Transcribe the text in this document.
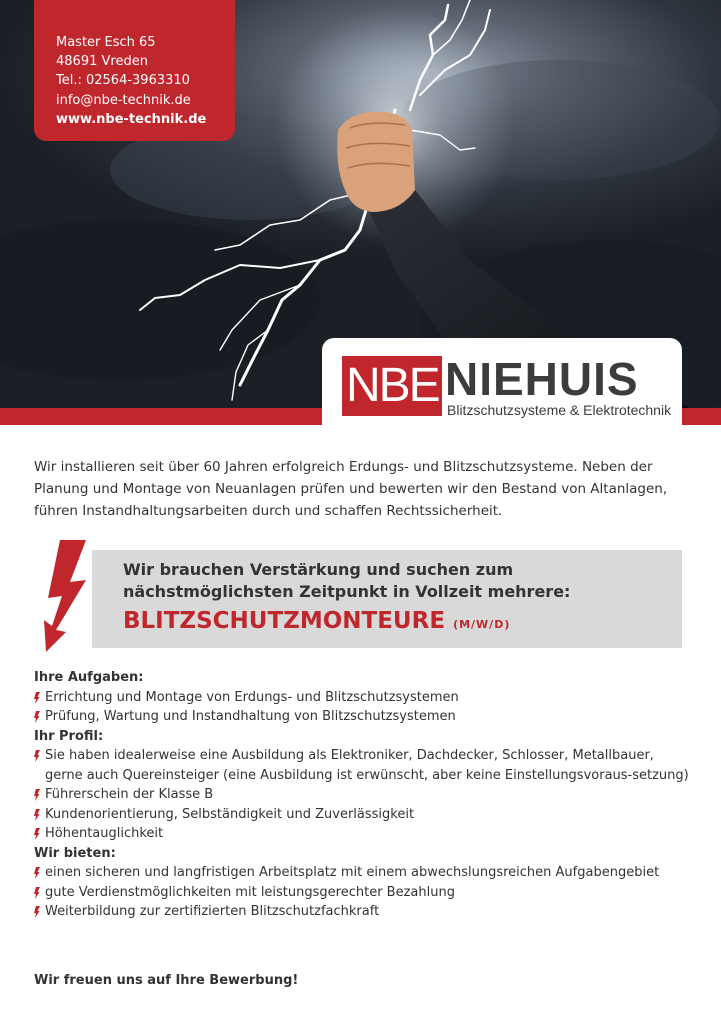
Master Esch 65
48691 Vreden
Tel.: 02564-3963310
info@nbe-technik.de
www.nbe-technik.de
NBE NIEHUIS
Blitzschutzsysteme & Elektrotechnik
Wir installieren seit über 60 Jahren erfolgreich Erdungs- und Blitzschutzsysteme. Neben der Planung und Montage von Neuanlagen prüfen und bewerten wir den Bestand von Altanlagen, führen Instandhaltungsarbeiten durch und schaffen Rechtssicherheit.
Wir brauchen Verstärkung und suchen zum
nächstmöglichsten Zeitpunkt in Vollzeit mehrere:
BLITZSCHUTZMONTEURE (M/W/D)
Ihre Aufgaben:
Errichtung und Montage von Erdungs- und Blitzschutzsystemen
Prüfung, Wartung und Instandhaltung von Blitzschutzsystemen
Ihr Profil:
Sie haben idealerweise eine Ausbildung als Elektroniker, Dachdecker, Schlosser, Metallbauer, gerne auch Quereinsteiger (eine Ausbildung ist erwünscht, aber keine Einstellungsvoraus-setzung)
Führerschein der Klasse B
Kundenorientierung, Selbständigkeit und Zuverlässigkeit
Höhentauglichkeit
Wir bieten:
einen sicheren und langfristigen Arbeitsplatz mit einem abwechslungsreichen Aufgabengebiet
gute Verdienstmöglichkeiten mit leistungsgerechter Bezahlung
Weiterbildung zur zertifizierten Blitzschutzfachkraft
Wir freuen uns auf Ihre Bewerbung!
